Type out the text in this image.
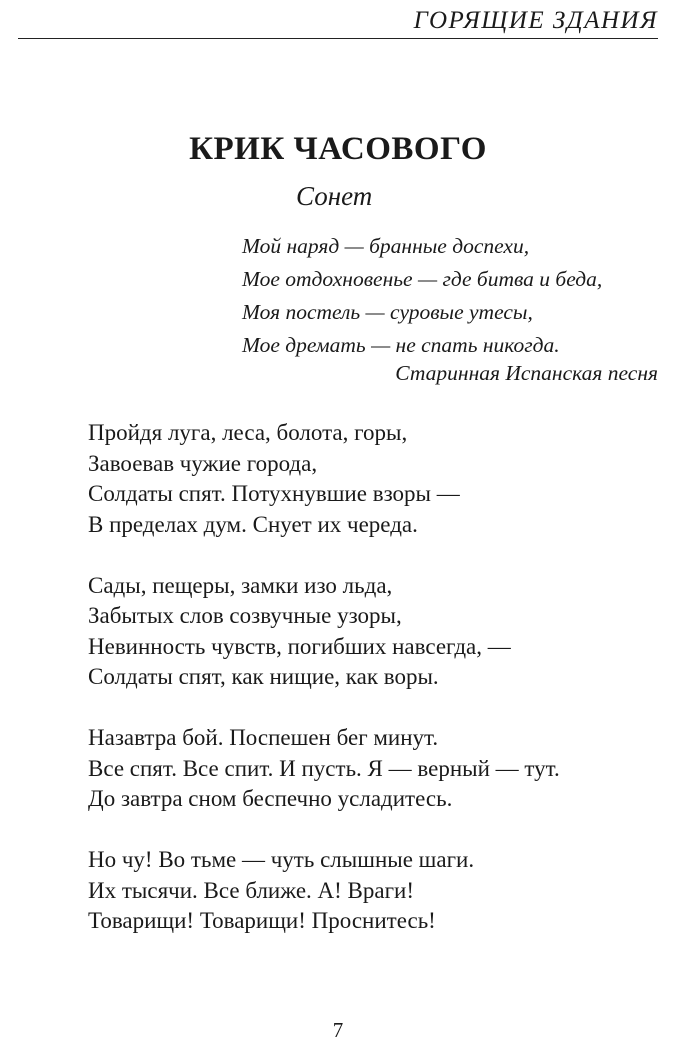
ГОРЯЩИЕ ЗДАНИЯ
КРИК ЧАСОВОГО
Сонет
Мой наряд — бранные доспехи,
Мое отдохновенье — где битва и беда,
Моя постель — суровые утесы,
Мое дремать — не спать никогда.
Старинная Испанская песня
Пройдя луга, леса, болота, горы,
Завоевав чужие города,
Солдаты спят. Потухнувшие взоры —
В пределах дум. Снует их череда.
Сады, пещеры, замки изо льда,
Забытых слов созвучные узоры,
Невинность чувств, погибших навсегда, —
Солдаты спят, как нищие, как воры.
Назавтра бой. Поспешен бег минут.
Все спят. Все спит. И пусть. Я — верный — тут.
До завтра сном беспечно усладитесь.
Но чу! Во тьме — чуть слышные шаги.
Их тысячи. Все ближе. А! Враги!
Товарищи! Товарищи! Проснитесь!
7
